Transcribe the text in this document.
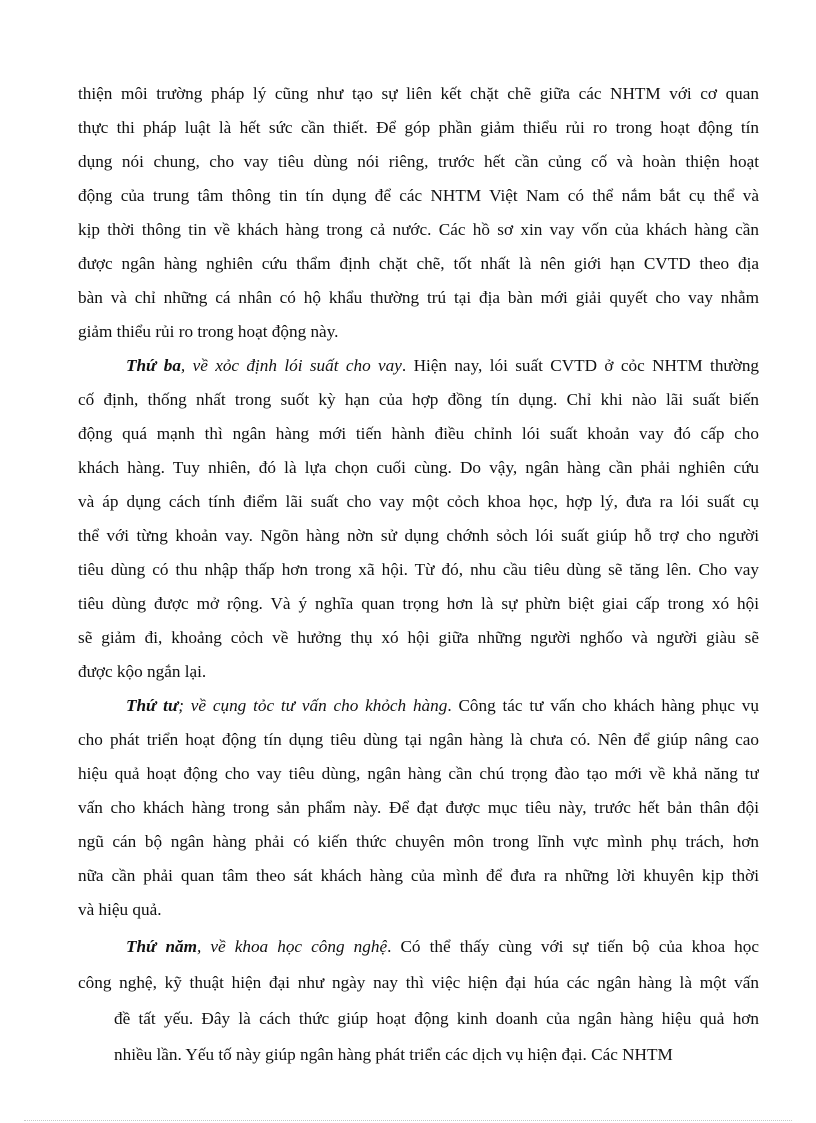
thiện môi trường pháp lý cũng như tạo sự liên kết chặt chẽ giữa các NHTM với cơ quan
thực thi pháp luật là hết sức cần thiết. Để góp phần giảm thiểu rủi ro trong hoạt động tín
dụng nói chung, cho vay tiêu dùng nói riêng, trước hết cần củng cố và hoàn thiện hoạt
động của trung tâm thông tin tín dụng để các NHTM Việt Nam có thể nắm bắt cụ thể và
kịp thời thông tin về khách hàng trong cả nước. Các hồ sơ xin vay vốn của khách hàng cần
được ngân hàng nghiên cứu thẩm định chặt chẽ, tốt nhất là nên giới hạn CVTD theo địa
bàn và chỉ những cá nhân có hộ khẩu thường trú tại địa bàn mới giải quyết cho vay nhằm
giảm thiểu rủi ro trong hoạt động này.
Thứ ba, về xỏc định lói suất cho vay. Hiện nay, lói suất CVTD ở cỏc NHTM thường
cố định, thống nhất trong suốt kỳ hạn của hợp đồng tín dụng. Chỉ khi nào lãi suất biến
động quá mạnh thì ngân hàng mới tiến hành điều chỉnh lói suất khoản vay đó cấp cho
khách hàng. Tuy nhiên, đó là lựa chọn cuối cùng. Do vậy, ngân hàng cần phải nghiên cứu
và áp dụng cách tính điểm lãi suất cho vay một cỏch khoa học, hợp lý, đưa ra lói suất cụ
thể với từng khoản vay. Ngõn hàng nờn sử dụng chớnh sỏch lói suất giúp hỗ trợ cho người
tiêu dùng có thu nhập thấp hơn trong xã hội. Từ đó, nhu cầu tiêu dùng sẽ tăng lên. Cho vay
tiêu dùng được mở rộng. Và ý nghĩa quan trọng hơn là sự phừn biệt giai cấp trong xó hội
sẽ giảm đi, khoảng cỏch về hưởng thụ xó hội giữa những người nghốo và người giàu sẽ
được kộo ngắn lại.
Thứ tư; về cụng tỏc tư vấn cho khỏch hàng. Công tác tư vấn cho khách hàng phục vụ
cho phát triển hoạt động tín dụng tiêu dùng tại ngân hàng là chưa có. Nên để giúp nâng cao
hiệu quả hoạt động cho vay tiêu dùng, ngân hàng cần chú trọng đào tạo mới về khả năng tư
vấn cho khách hàng trong sản phẩm này. Để đạt được mục tiêu này, trước hết bản thân đội
ngũ cán bộ ngân hàng phải có kiến thức chuyên môn trong lĩnh vực mình phụ trách, hơn
nữa cần phải quan tâm theo sát khách hàng của mình để đưa ra những lời khuyên kịp thời
và hiệu quả.
Thứ năm, về khoa học công nghệ. Có thể thấy cùng với sự tiến bộ của khoa học
công nghệ, kỹ thuật hiện đại như ngày nay thì việc hiện đại húa các ngân hàng là một vấn
đề tất yếu. Đây là cách thức giúp hoạt động kinh doanh của ngân hàng hiệu quả hơn
nhiều lần. Yếu tố này giúp ngân hàng phát triển các dịch vụ hiện đại. Các NHTM
